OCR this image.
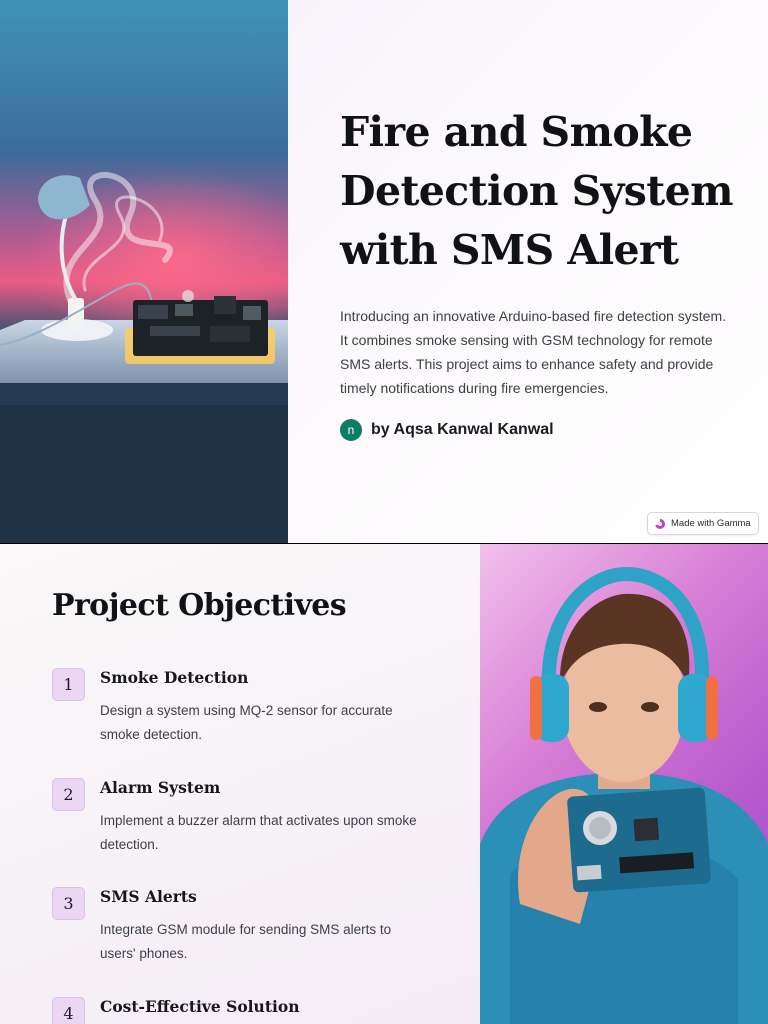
Fire and Smoke Detection System with SMS Alert

Introducing an innovative Arduino-based fire detection system. It combines smoke sensing with GSM technology for remote SMS alerts. This project aims to enhance safety and provide timely notifications during fire emergencies.

n	by Aqsa Kanwal Kanwal
Made with Gamma
Project Objectives
1	Smoke Detection
Design a system using MQ-2 sensor for accurate smoke detection.
2	Alarm System
Implement a buzzer alarm that activates upon smoke detection.
3	SMS Alerts
Integrate GSM module for sending SMS alerts to users' phones.
4	Cost-Effective Solution
